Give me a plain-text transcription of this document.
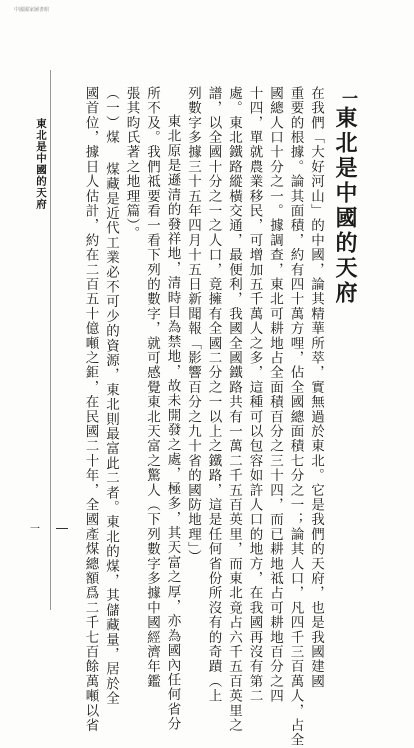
中國國家圖書館
一
東北是中國的天府
在我們「大好河山」的中國，論其精華所萃，實無過於東北。它是我們的天府，也是我國建國
重要的根據。論其面積，約有四十萬方哩，佔全國總面積七分之一；論其人口，凡四千三百萬人，占全
國總人口十分之一。據調查，東北可耕地占全面積百分之三十四，而已耕地祗占可耕地百分之四
十四，單就農業移民，可增加五千萬人之多，這種可以包容如許人口的地方，在我國再沒有第二
處。東北鐵路縱橫交通，最便利，我國全國鐵路共有一萬二千五百英里，而東北竟占六千五百英里之
譜，以全國十分之一之人口，竟擁有全國二分之一以上之鐵路，這是任何省份所沒有的奇蹟（上
列數字多據三十五年四月十五日新聞報「影響百分之九十省的國防地理」）
東北原是遜清的發祥地，清時目為禁地，故未開發之處，極多，其天富之厚，亦為國內任何省分
所不及。我們祗要看一看下列的數字，就可感覺東北天富之驚人（下列數字多據中國經濟年鑑
張其昀氏著之地理篇）。
（一）煤 煤藏是近代工業必不可少的資源，東北則最富此二者。東北的煤，其儲藏量，居於全
國首位，據日人估計，約在二百五十億噸之鉅，在民國二十年，全國產煤總額爲二千七百餘萬噸以省
東北是中國的天府
一
